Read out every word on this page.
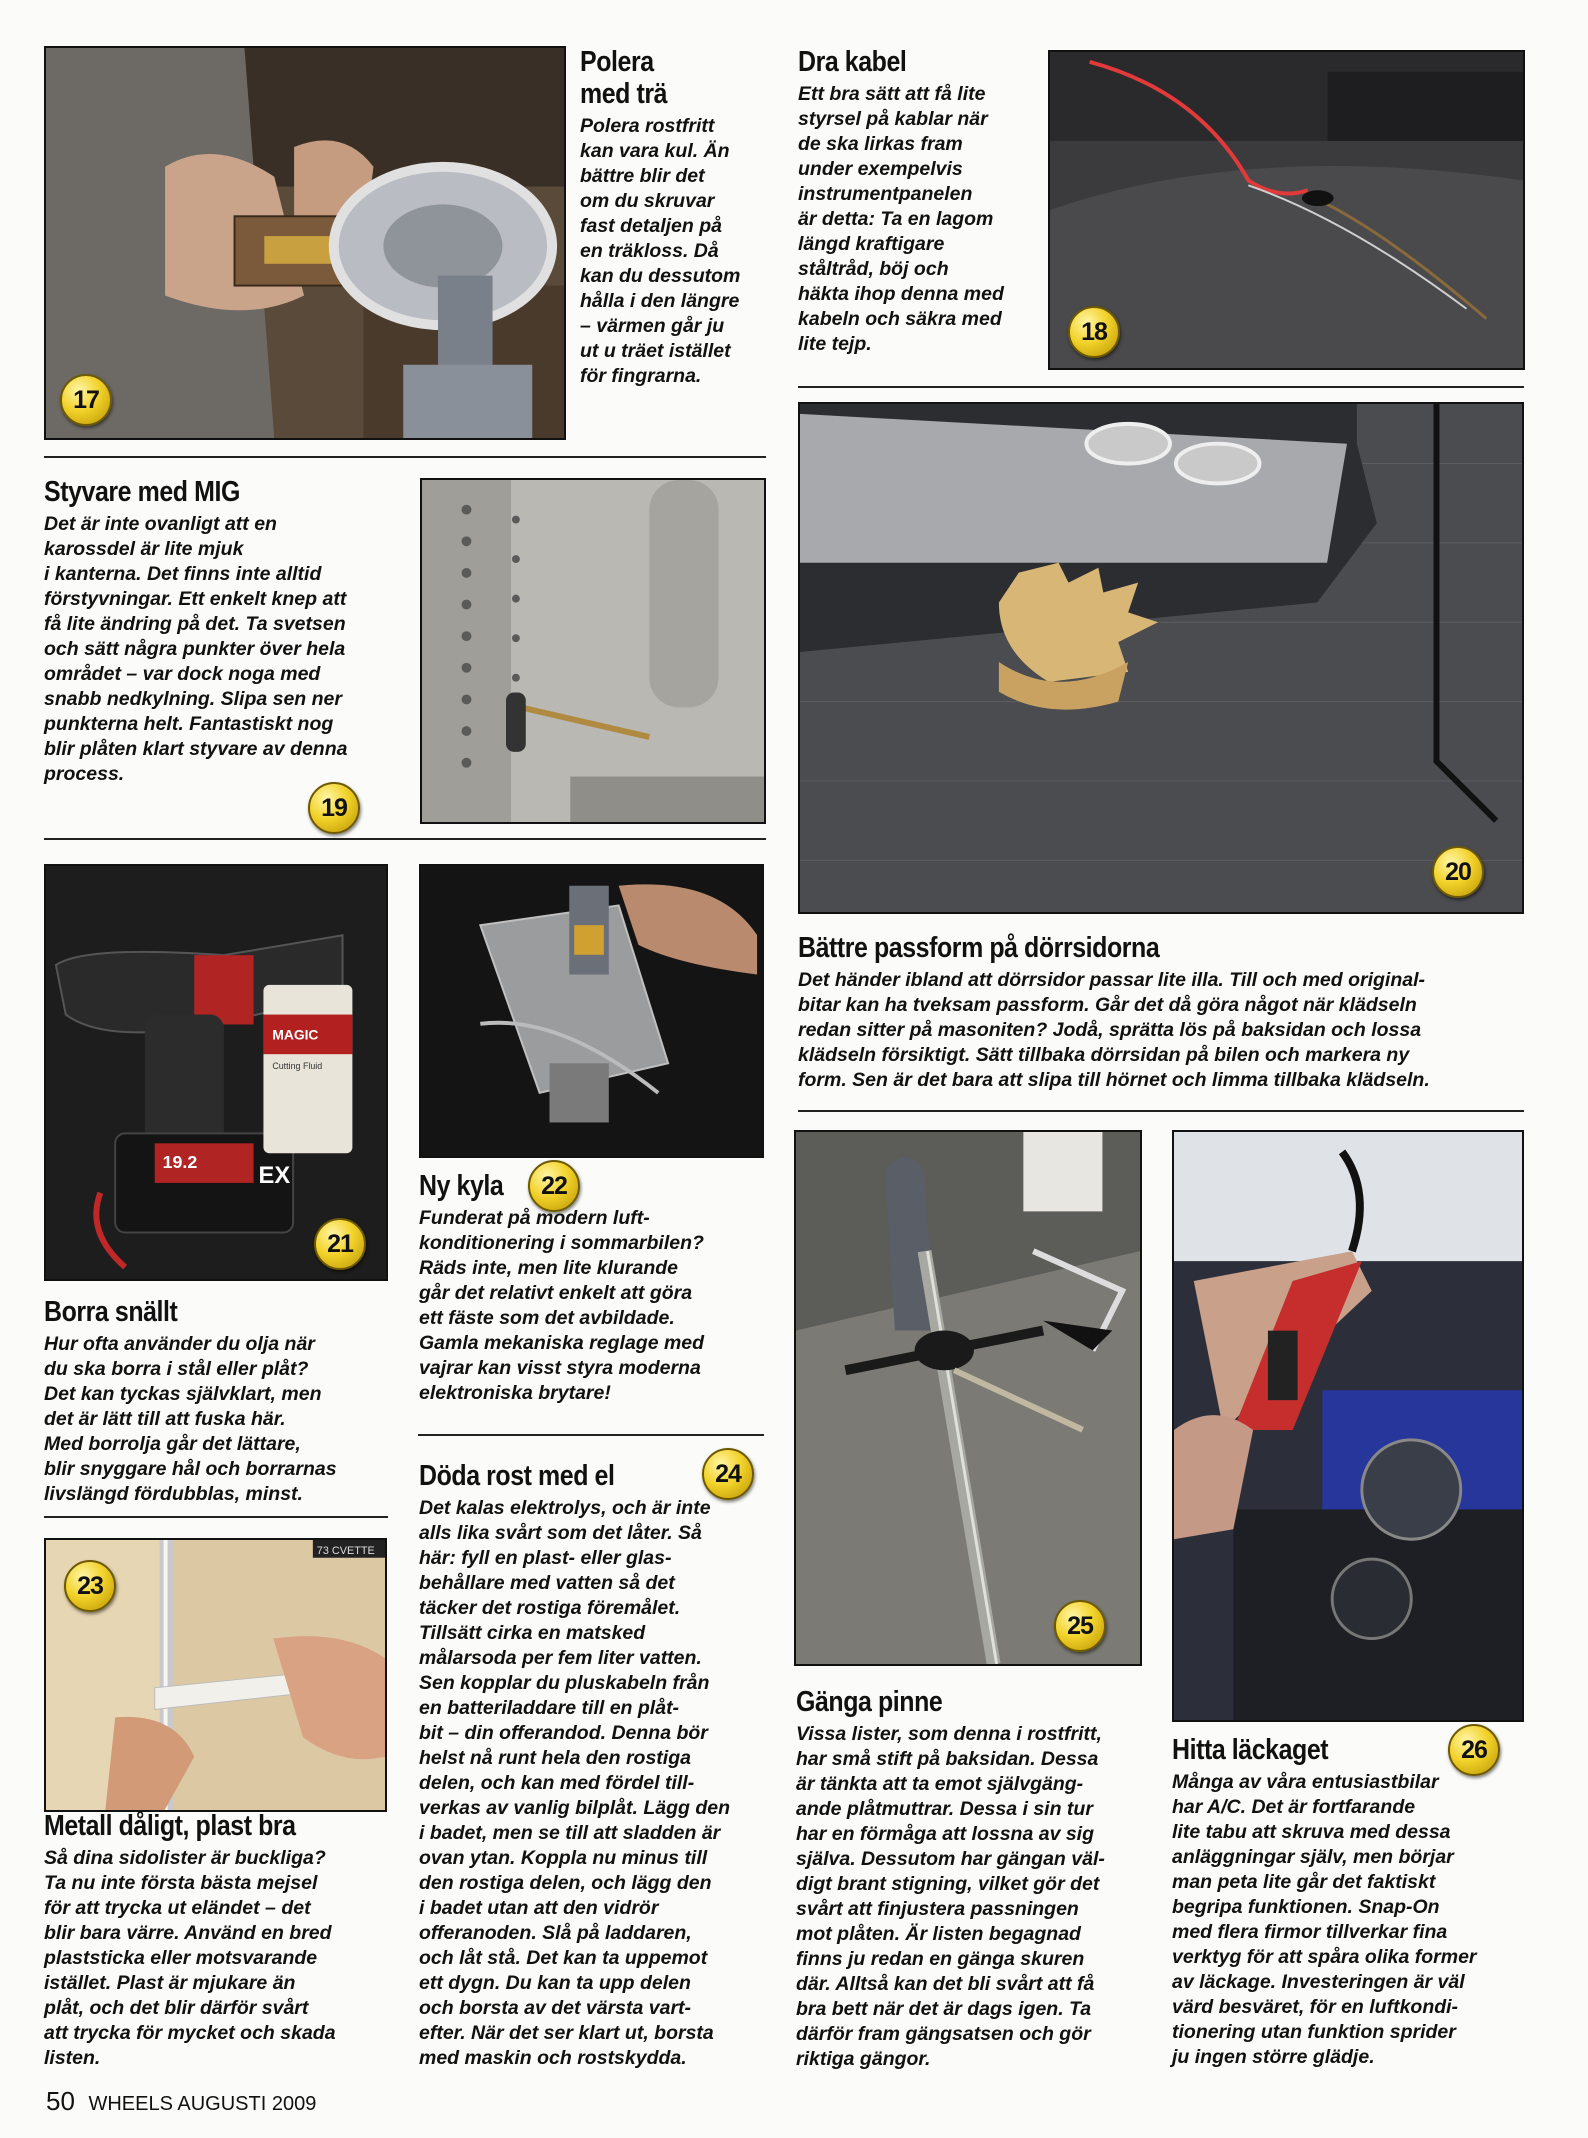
MAGIC
Cutting Fluid
19.2
EX
73 CVETTE
17
18
19
20
21
22
23
24
25
26
Polera med trä

Polera rostfritt
kan vara kul. Än
bättre blir det
om du skruvar
fast detaljen på
en träkloss. Då
kan du dessutom
hålla i den längre
– värmen går ju
ut u träet istället
för fingrarna.

Dra kabel

Ett bra sätt att få lite
styrsel på kablar när
de ska lirkas fram
under exempelvis
instrumentpanelen
är detta: Ta en lagom
längd kraftigare
ståltråd, böj och
häkta ihop denna med
kabeln och säkra med
lite tejp.

Styvare med MIG

Det är inte ovanligt att en
karossdel är lite mjuk
i kanterna. Det finns inte alltid
förstyvningar. Ett enkelt knep att
få lite ändring på det. Ta svetsen
och sätt några punkter över hela
området – var dock noga med
snabb nedkylning. Slipa sen ner
punkterna helt. Fantastiskt nog
blir plåten klart styvare av denna
process.

Bättre passform på dörrsidorna

Det händer ibland att dörrsidor passar lite illa. Till och med original-
bitar kan ha tveksam passform. Går det då göra något när klädseln
redan sitter på masoniten? Jodå, sprätta lös på baksidan och lossa
klädseln försiktigt. Sätt tillbaka dörrsidan på bilen och markera ny
form. Sen är det bara att slipa till hörnet och limma tillbaka klädseln.

Borra snällt

Hur ofta använder du olja när
du ska borra i stål eller plåt?
Det kan tyckas självklart, men
det är lätt till att fuska här.
Med borrolja går det lättare,
blir snyggare hål och borrarnas
livslängd fördubblas, minst.

Ny kyla

Funderat på modern luft-
konditionering i sommarbilen?
Räds inte, men lite klurande
går det relativt enkelt att göra
ett fäste som det avbildade.
Gamla mekaniska reglage med
vajrar kan visst styra moderna
elektroniska brytare!

Metall dåligt, plast bra

Så dina sidolister är buckliga?
Ta nu inte första bästa mejsel
för att trycka ut eländet – det
blir bara värre. Använd en bred
plaststicka eller motsvarande
istället. Plast är mjukare än
plåt, och det blir därför svårt
att trycka för mycket och skada
listen.

Döda rost med el

Det kalas elektrolys, och är inte
alls lika svårt som det låter. Så
här: fyll en plast- eller glas-
behållare med vatten så det
täcker det rostiga föremålet.
Tillsätt cirka en matsked
målarsoda per fem liter vatten.
Sen kopplar du pluskabeln från
en batteriladdare till en plåt-
bit – din offerandod. Denna bör
helst nå runt hela den rostiga
delen, och kan med fördel till-
verkas av vanlig bilplåt. Lägg den
i badet, men se till att sladden är
ovan ytan. Koppla nu minus till
den rostiga delen, och lägg den
i badet utan att den vidrör
offeranoden. Slå på laddaren,
och låt stå. Det kan ta uppemot
ett dygn. Du kan ta upp delen
och borsta av det värsta vart-
efter. När det ser klart ut, borsta
med maskin och rostskydda.

Gänga pinne

Vissa lister, som denna i rostfritt,
har små stift på baksidan. Dessa
är tänkta att ta emot självgäng-
ande plåtmuttrar. Dessa i sin tur
har en förmåga att lossna av sig
själva. Dessutom har gängan väl-
digt brant stigning, vilket gör det
svårt att finjustera passningen
mot plåten. Är listen begagnad
finns ju redan en gänga skuren
där. Alltså kan det bli svårt att få
bra bett när det är dags igen. Ta
därför fram gängsatsen och gör
riktiga gängor.

Hitta läckaget

Många av våra entusiastbilar
har A/C. Det är fortfarande
lite tabu att skruva med dessa
anläggningar själv, men börjar
man peta lite går det faktiskt
begripa funktionen. Snap-On
med flera firmor tillverkar fina
verktyg för att spåra olika former
av läckage. Investeringen är väl
värd besväret, för en luftkondi-
tionering utan funktion sprider
ju ingen större glädje.

50 WHEELS AUGUSTI 2009
